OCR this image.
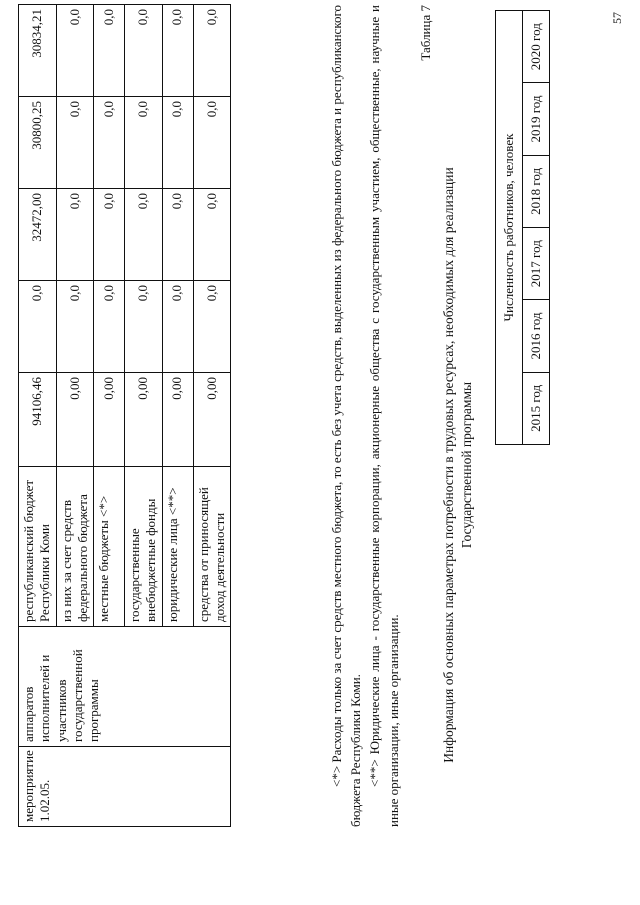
мероприятие 1.02.05.	аппаратов исполнителей и участников государственной программы	республиканский бюджет Республики Коми	94106,46	0,0	32472,00	30800,25	30834,21
		из них за счет средств федерального бюджета	0,00	0,0	0,0	0,0	0,0
		местные бюджеты <*>	0,00	0,0	0,0	0,0	0,0
		государственные внебюджетные фонды	0,00	0,0	0,0	0,0	0,0
		юридические лица <**>	0,00	0,0	0,0	0,0	0,0
		средства от приносящей доход деятельности	0,00	0,0	0,0	0,0	0,0	<*> Расходы только за счет средств местного бюджета, то есть без учета средств, выделенных из федерального бюджета и республиканского бюджета Республики Коми. <**> Юридические лица - государственные корпорации, акционерные общества с государственным участием, общественные, научные и иные организации, иные организации.

Таблица 7
Информация об основных параметрах потребности в трудовых ресурсах, необходимых для реализации Государственной программы
Численность работников, человек
2015 год	2016 год	2017 год	2018 год	2019 год	2020 год
57
